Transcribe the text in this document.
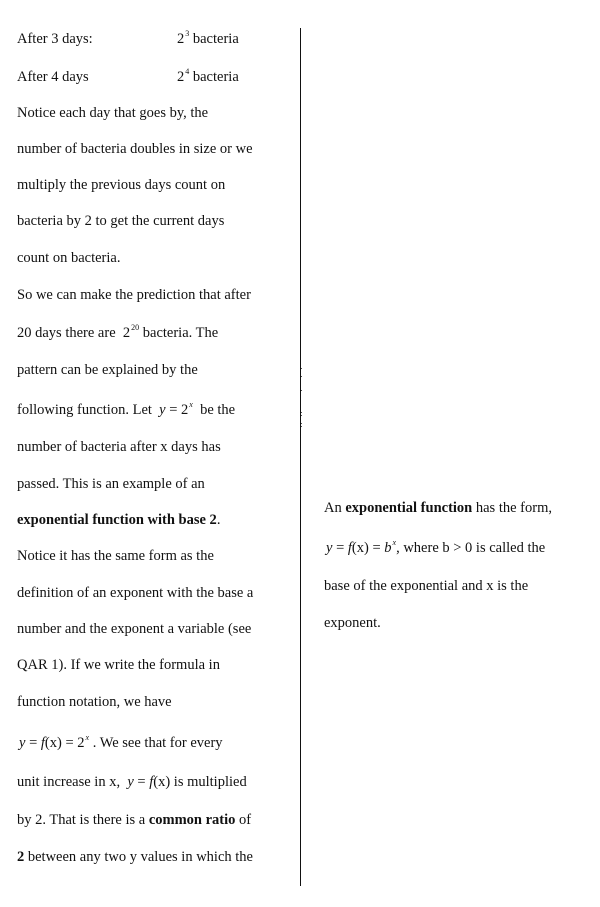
After 3 days:	$2^3$ bacteria
After 4 days	$2^4$ bacteria
Notice each day that goes by, the
number of bacteria doubles in size or we
multiply the previous days count on
bacteria by 2 to get the current days
count on bacteria.
So we can make the prediction that after
20 days there are $2^{20}$ bacteria. The
pattern can be explained by the
following function. Let $y = 2^x$ be the
number of bacteria after x days has
passed. This is an example of an
exponential function with base 2.
Notice it has the same form as the
definition of an exponent with the base a
number and the exponent a variable (see
QAR 1). If we write the formula in
function notation, we have
$y = f(x) = 2^x$ . We see that for every
unit increase in x, y = f(x) is multiplied
by 2. That is there is a common ratio of
2 between any two y values in which the
An exponential function has the form,
$y = f(x) = b^x$, where b > 0 is called the
base of the exponential and x is the
exponent.
